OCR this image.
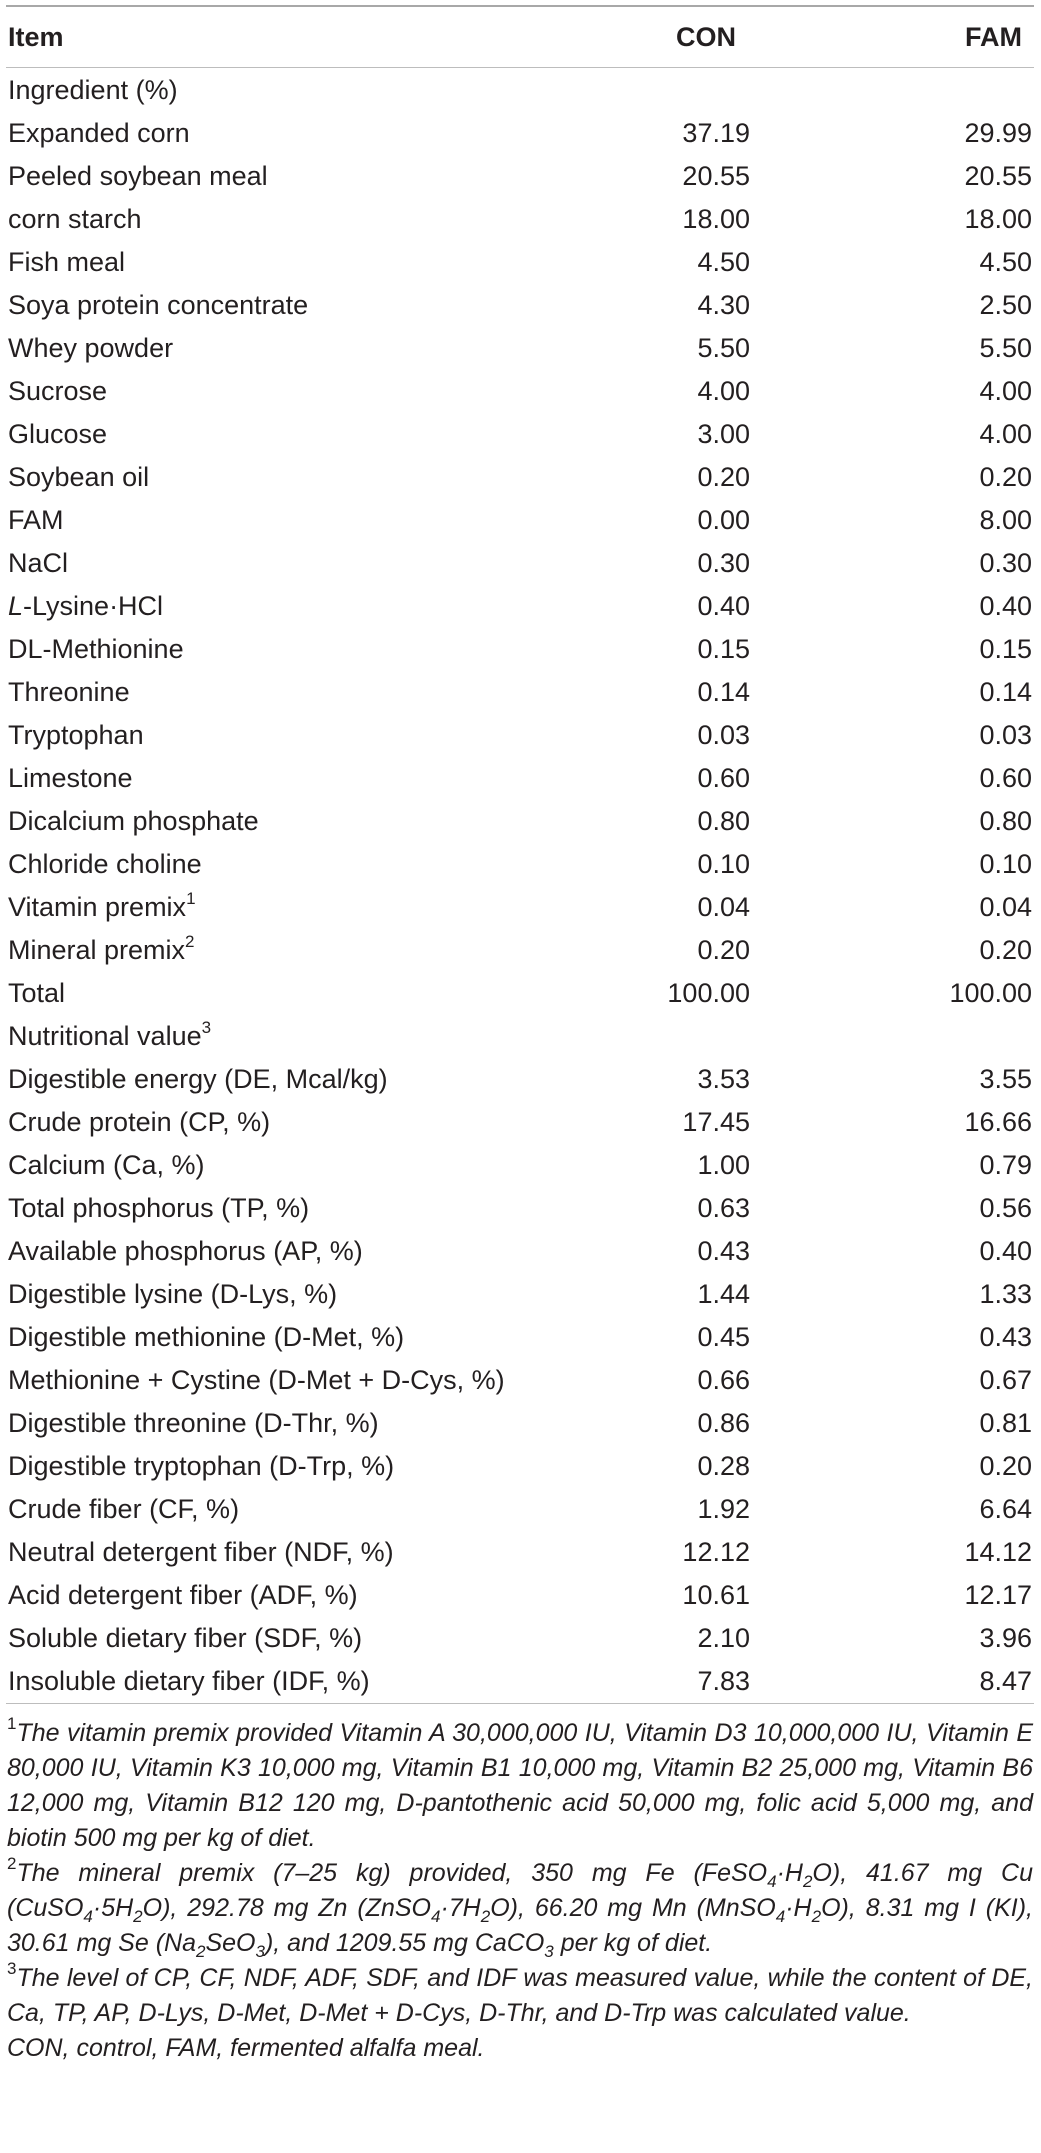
Item	CON	FAM
Ingredient (%)		
Expanded corn	37.19	29.99
Peeled soybean meal	20.55	20.55
corn starch	18.00	18.00
Fish meal	4.50	4.50
Soya protein concentrate	4.30	2.50
Whey powder	5.50	5.50
Sucrose	4.00	4.00
Glucose	3.00	4.00
Soybean oil	0.20	0.20
FAM	0.00	8.00
NaCl	0.30	0.30
L-Lysine·HCl	0.40	0.40
DL-Methionine	0.15	0.15
Threonine	0.14	0.14
Tryptophan	0.03	0.03
Limestone	0.60	0.60
Dicalcium phosphate	0.80	0.80
Chloride choline	0.10	0.10
Vitamin premix$^1$	0.04	0.04
Mineral premix$^2$	0.20	0.20
Total	100.00	100.00
Nutritional value$^3$
Digestible energy (DE, Mcal/kg)	3.53	3.55
Crude protein (CP, %)	17.45	16.66
Calcium (Ca, %)	1.00	0.79
Total phosphorus (TP, %)	0.63	0.56
Available phosphorus (AP, %)	0.43	0.40
Digestible lysine (D-Lys, %)	1.44	1.33
Digestible methionine (D-Met, %)	0.45	0.43
Methionine + Cystine (D-Met + D-Cys, %)	0.66	0.67
Digestible threonine (D-Thr, %)	0.86	0.81
Digestible tryptophan (D-Trp, %)	0.28	0.20
Crude fiber (CF, %)	1.92	6.64
Neutral detergent fiber (NDF, %)	12.12	14.12
Acid detergent fiber (ADF, %)	10.61	12.17
Soluble dietary fiber (SDF, %)	2.10	3.96
Insoluble dietary fiber (IDF, %)	7.83	8.47

$^1$The vitamin premix provided Vitamin A 30,000,000 IU, Vitamin D3 10,000,000 IU, Vitamin E 80,000 IU, Vitamin K3 10,000 mg, Vitamin B1 10,000 mg, Vitamin B2 25,000 mg, Vitamin B6 12,000 mg, Vitamin B12 120 mg, D-pantothenic acid 50,000 mg, folic acid 5,000 mg, and biotin 500 mg per kg of diet.

$^2$The mineral premix (7–25 kg) provided, 350 mg Fe $(FeSO_4\cdot H_2O)$, 41.67 mg Cu $(CuSO_4\cdot 5H_2O)$, 292.78 mg Zn $(ZnSO_4\cdot 7H_2O)$, 66.20 mg Mn $(MnSO_4\cdot H_2O)$, 8.31 mg I (KI), 30.61 mg Se $(Na_2SeO_3)$, and 1209.55 mg CaCO$_3$ per kg of diet.

$^3$The level of CP, CF, NDF, ADF, SDF, and IDF was measured value, while the content of DE, Ca, TP, AP, D-Lys, D-Met, D-Met + D-Cys, D-Thr, and D-Trp was calculated value.

CON, control, FAM, fermented alfalfa meal.
